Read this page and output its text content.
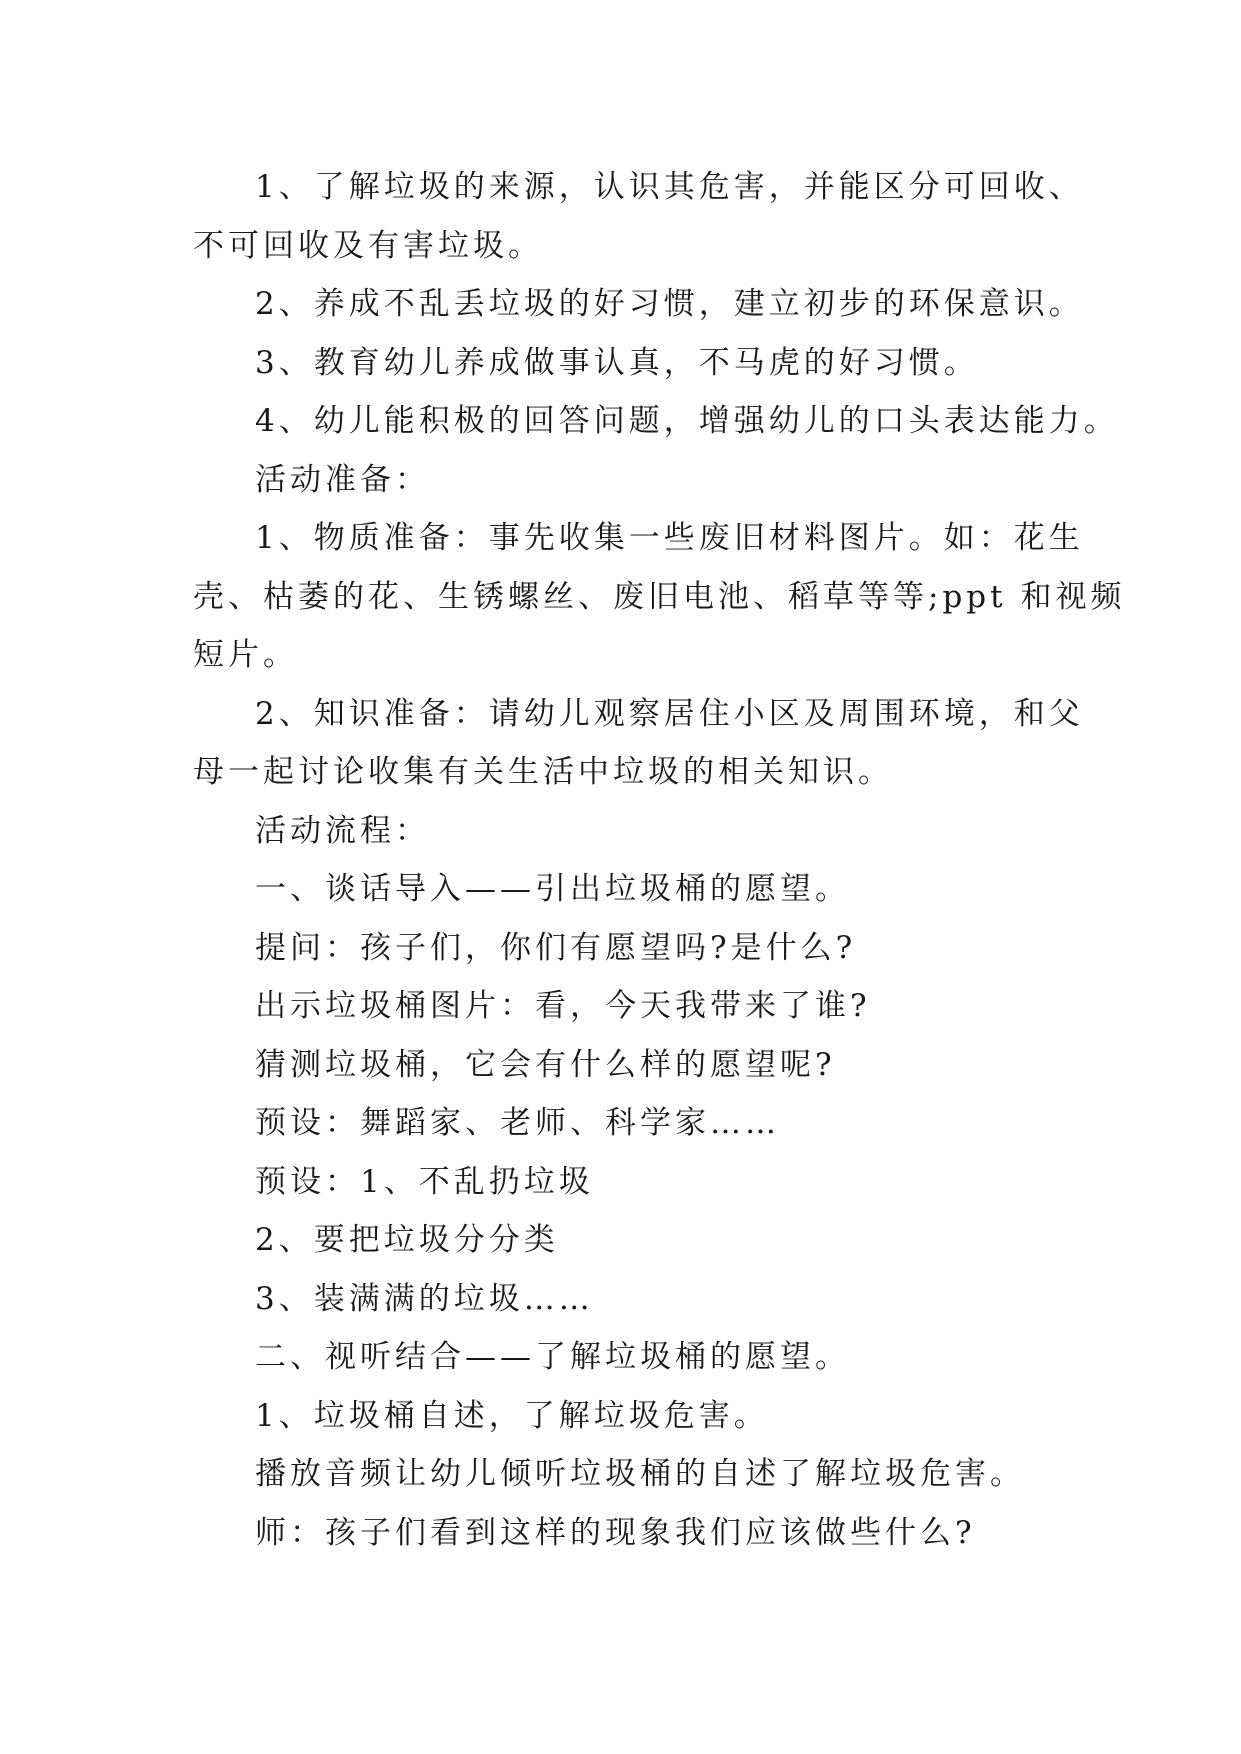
1、了解垃圾的来源，认识其危害，并能区分可回收、
不可回收及有害垃圾。
2、养成不乱丢垃圾的好习惯，建立初步的环保意识。
3、教育幼儿养成做事认真，不马虎的好习惯。
4、幼儿能积极的回答问题，增强幼儿的口头表达能力。
活动准备：
1、物质准备：事先收集一些废旧材料图片。如：花生
壳、枯萎的花、生锈螺丝、废旧电池、稻草等等;ppt 和视频
短片。
2、知识准备：请幼儿观察居住小区及周围环境，和父
母一起讨论收集有关生活中垃圾的相关知识。
活动流程：
一、谈话导入——引出垃圾桶的愿望。
提问：孩子们，你们有愿望吗?是什么?
出示垃圾桶图片：看，今天我带来了谁?
猜测垃圾桶，它会有什么样的愿望呢?
预设：舞蹈家、老师、科学家……
预设：1、不乱扔垃圾
2、要把垃圾分分类
3、装满满的垃圾……
二、视听结合——了解垃圾桶的愿望。
1、垃圾桶自述，了解垃圾危害。
播放音频让幼儿倾听垃圾桶的自述了解垃圾危害。
师：孩子们看到这样的现象我们应该做些什么?
